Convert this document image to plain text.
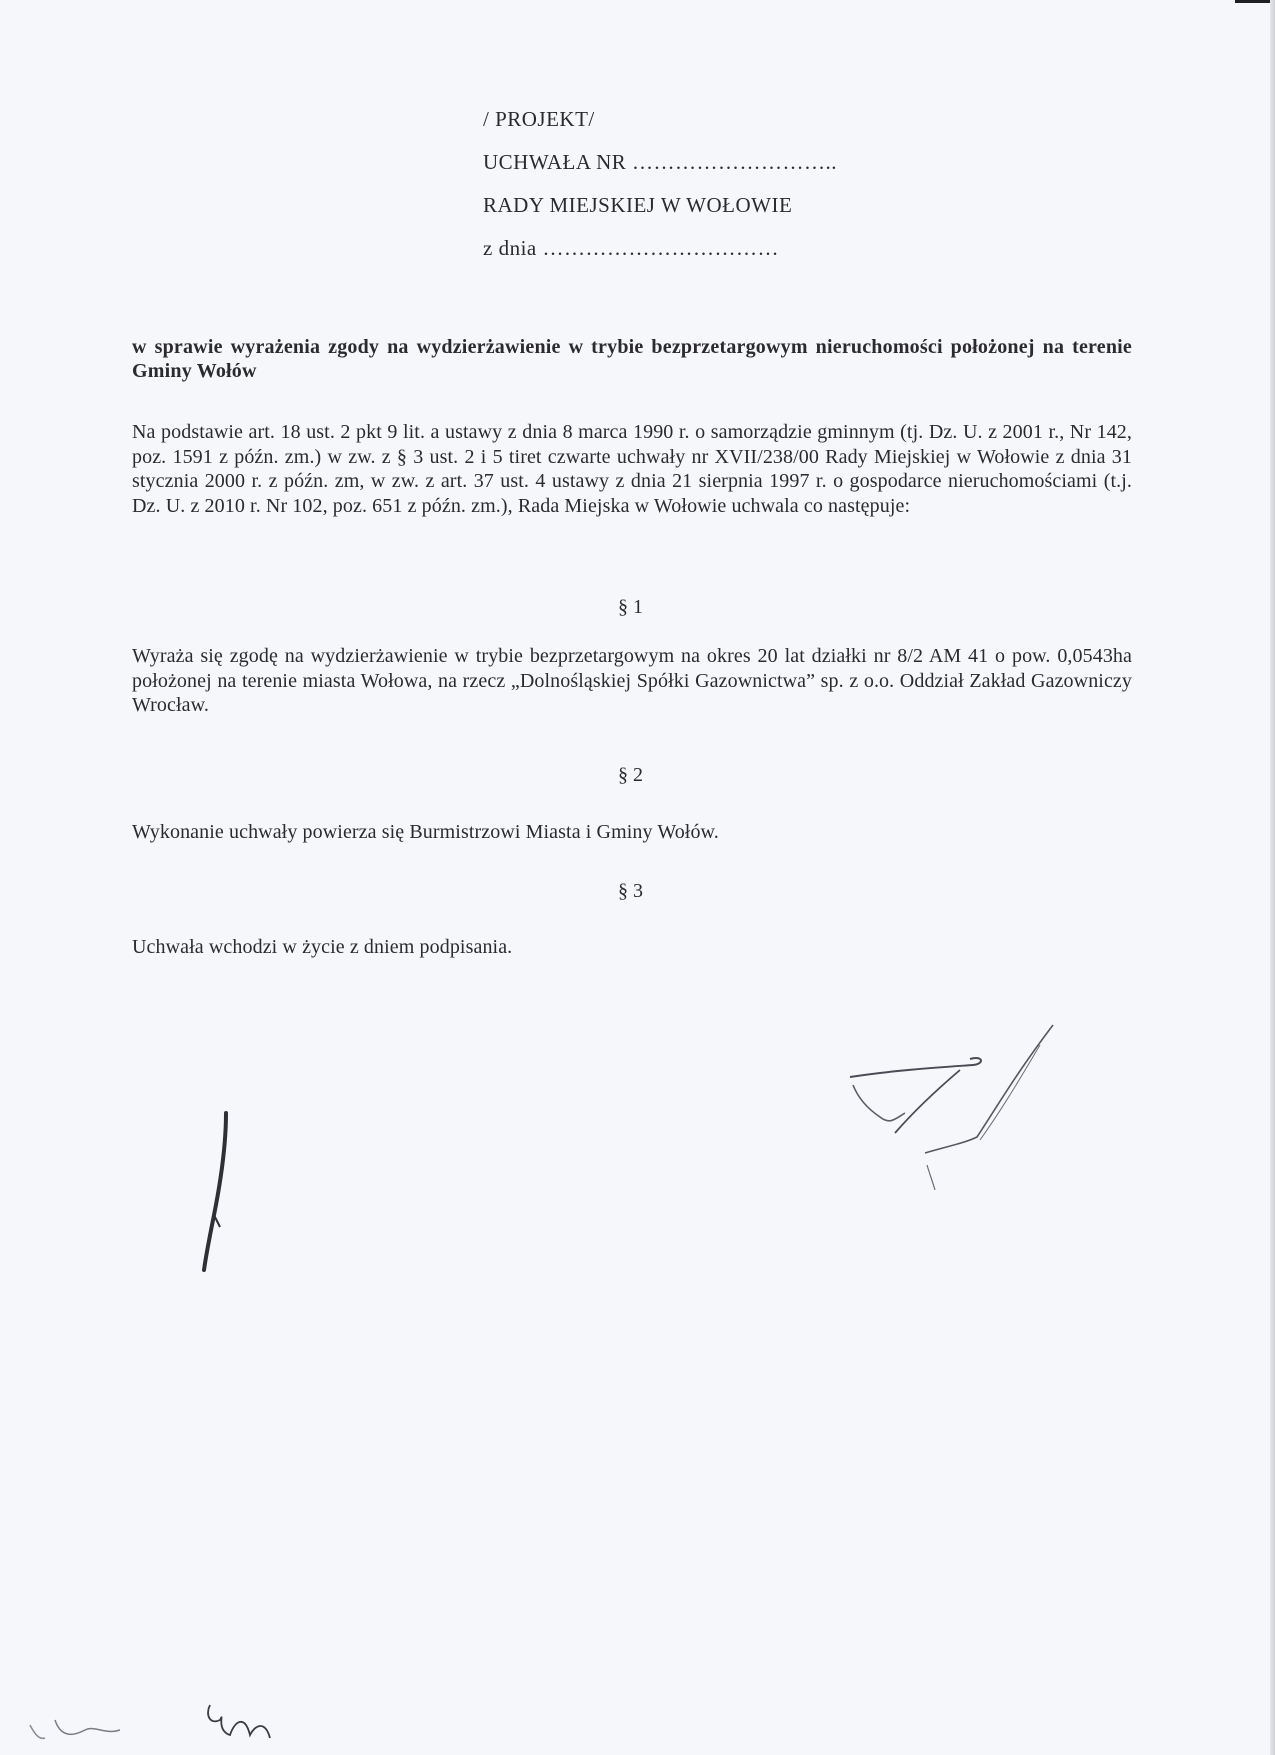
/ PROJEKT/
UCHWAŁA NR ………………………..
RADY MIEJSKIEJ W WOŁOWIE
z dnia ……………………………
w sprawie wyrażenia zgody na wydzierżawienie w trybie bezprzetargowym nieruchomości położonej na terenie Gminy Wołów
Na podstawie art. 18 ust. 2 pkt 9 lit. a ustawy z dnia 8 marca 1990 r. o samorządzie gminnym (tj. Dz. U. z 2001 r., Nr 142, poz. 1591 z późn. zm.) w zw. z § 3 ust. 2 i 5 tiret czwarte uchwały nr XVII/238/00 Rady Miejskiej w Wołowie z dnia 31 stycznia 2000 r. z późn. zm, w zw. z art. 37 ust. 4 ustawy z dnia 21 sierpnia 1997 r. o gospodarce nieruchomościami (t.j. Dz. U. z 2010 r. Nr 102, poz. 651 z późn. zm.), Rada Miejska w Wołowie uchwala co następuje:
§ 1
Wyraża się zgodę na wydzierżawienie w trybie bezprzetargowym na okres 20 lat działki nr 8/2 AM 41 o pow. 0,0543ha położonej na terenie miasta Wołowa, na rzecz „Dolnośląskiej Spółki Gazownictwa” sp. z o.o. Oddział Zakład Gazowniczy Wrocław.
§ 2
Wykonanie uchwały powierza się Burmistrzowi Miasta i Gminy Wołów.
§ 3
Uchwała wchodzi w życie z dniem podpisania.
